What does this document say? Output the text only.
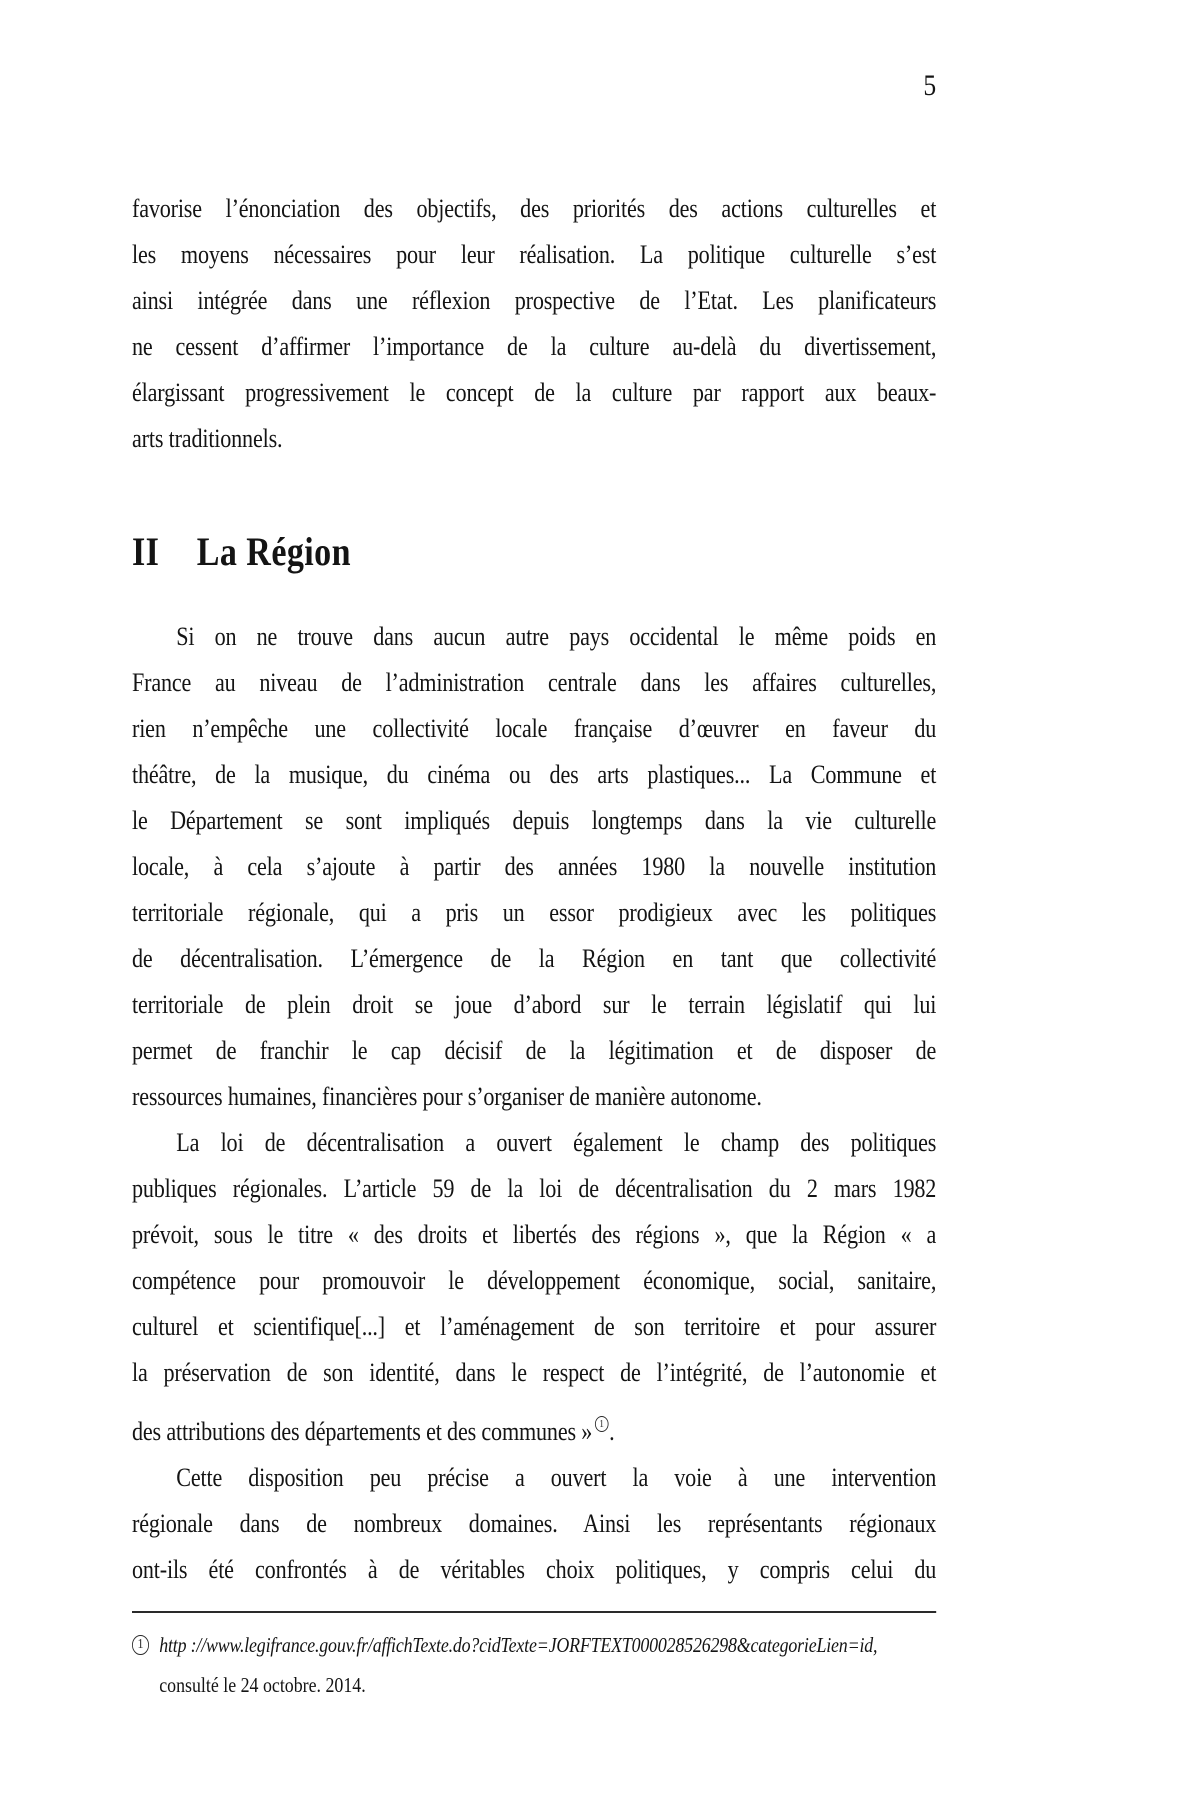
5
favorise l’énonciation des objectifs, des priorités des actions culturelles et
les moyens nécessaires pour leur réalisation. La politique culturelle s’est
ainsi intégrée dans une réflexion prospective de l’Etat. Les planificateurs
ne cessent d’affirmer l’importance de la culture au-delà du divertissement,
élargissant progressivement le concept de la culture par rapport aux beaux-
arts traditionnels.
II La Région
Si on ne trouve dans aucun autre pays occidental le même poids en
France au niveau de l’administration centrale dans les affaires culturelles,
rien n’empêche une collectivité locale française d’œuvrer en faveur du
théâtre, de la musique, du cinéma ou des arts plastiques... La Commune et
le Département se sont impliqués depuis longtemps dans la vie culturelle
locale, à cela s’ajoute à partir des années 1980 la nouvelle institution
territoriale régionale, qui a pris un essor prodigieux avec les politiques
de décentralisation. L’émergence de la Région en tant que collectivité
territoriale de plein droit se joue d’abord sur le terrain législatif qui lui
permet de franchir le cap décisif de la légitimation et de disposer de
ressources humaines, financières pour s’organiser de manière autonome.
La loi de décentralisation a ouvert également le champ des politiques
publiques régionales. L’article 59 de la loi de décentralisation du 2 mars 1982
prévoit, sous le titre « des droits et libertés des régions », que la Région « a
compétence pour promouvoir le développement économique, social, sanitaire,
culturel et scientifique[...] et l’aménagement de son territoire et pour assurer
la préservation de son identité, dans le respect de l’intégrité, de l’autonomie et
des attributions des départements et des communes » 1 .
Cette disposition peu précise a ouvert la voie à une intervention
régionale dans de nombreux domaines. Ainsi les représentants régionaux
ont-ils été confrontés à de véritables choix politiques, y compris celui du
1 http ://www.legifrance.gouv.fr/affichTexte.do?cidTexte=JORFTEXT000028526298&categorieLien=id,
consulté le 24 octobre. 2014.
